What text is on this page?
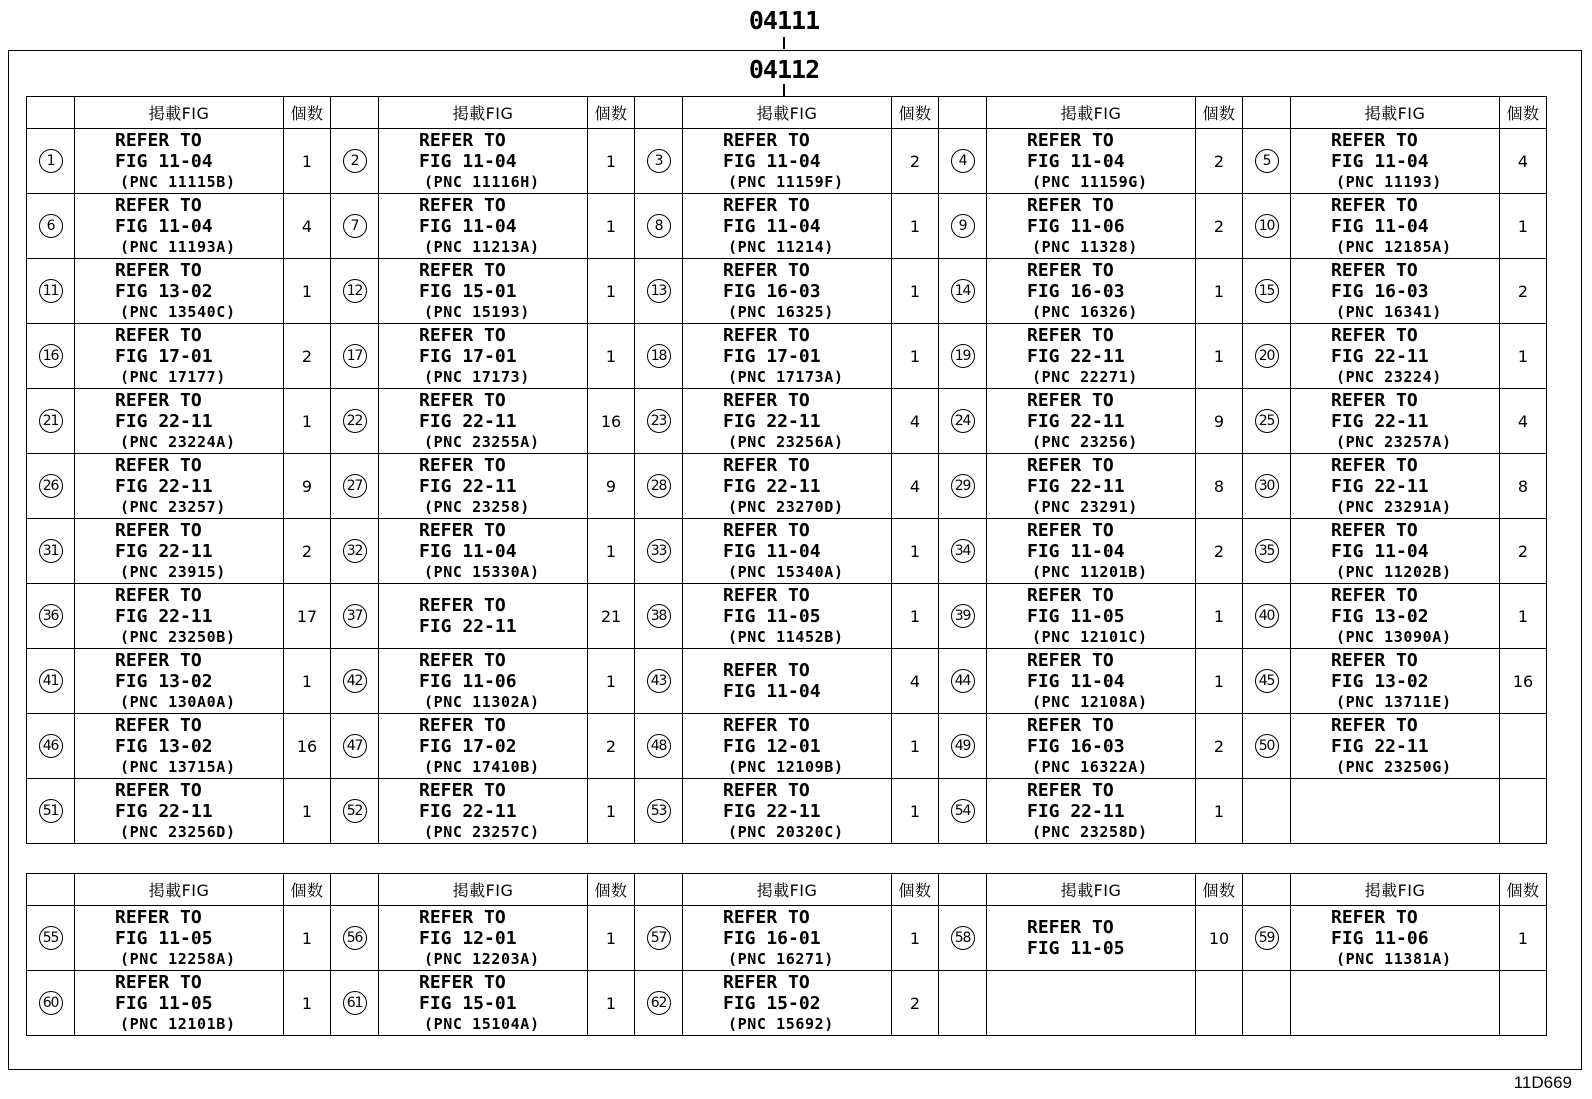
04111
04112
	掲載FIG	個数		掲載FIG	個数		掲載FIG	個数		掲載FIG	個数		掲載FIG	個数
1	REFER TO
FIG 11-04
(PNC 11115B)	1	2	REFER TO
FIG 11-04
(PNC 11116H)	1	3	REFER TO
FIG 11-04
(PNC 11159F)	2	4	REFER TO
FIG 11-04
(PNC 11159G)	2	5	REFER TO
FIG 11-04
(PNC 11193)	4
6	REFER TO
FIG 11-04
(PNC 11193A)	4	7	REFER TO
FIG 11-04
(PNC 11213A)	1	8	REFER TO
FIG 11-04
(PNC 11214)	1	9	REFER TO
FIG 11-06
(PNC 11328)	2	10	REFER TO
FIG 11-04
(PNC 12185A)	1
11	REFER TO
FIG 13-02
(PNC 13540C)	1	12	REFER TO
FIG 15-01
(PNC 15193)	1	13	REFER TO
FIG 16-03
(PNC 16325)	1	14	REFER TO
FIG 16-03
(PNC 16326)	1	15	REFER TO
FIG 16-03
(PNC 16341)	2
16	REFER TO
FIG 17-01
(PNC 17177)	2	17	REFER TO
FIG 17-01
(PNC 17173)	1	18	REFER TO
FIG 17-01
(PNC 17173A)	1	19	REFER TO
FIG 22-11
(PNC 22271)	1	20	REFER TO
FIG 22-11
(PNC 23224)	1
21	REFER TO
FIG 22-11
(PNC 23224A)	1	22	REFER TO
FIG 22-11
(PNC 23255A)	16	23	REFER TO
FIG 22-11
(PNC 23256A)	4	24	REFER TO
FIG 22-11
(PNC 23256)	9	25	REFER TO
FIG 22-11
(PNC 23257A)	4
26	REFER TO
FIG 22-11
(PNC 23257)	9	27	REFER TO
FIG 22-11
(PNC 23258)	9	28	REFER TO
FIG 22-11
(PNC 23270D)	4	29	REFER TO
FIG 22-11
(PNC 23291)	8	30	REFER TO
FIG 22-11
(PNC 23291A)	8
31	REFER TO
FIG 22-11
(PNC 23915)	2	32	REFER TO
FIG 11-04
(PNC 15330A)	1	33	REFER TO
FIG 11-04
(PNC 15340A)	1	34	REFER TO
FIG 11-04
(PNC 11201B)	2	35	REFER TO
FIG 11-04
(PNC 11202B)	2
36	REFER TO
FIG 22-11
(PNC 23250B)	17	37	REFER TO
FIG 22-11	21	38	REFER TO
FIG 11-05
(PNC 11452B)	1	39	REFER TO
FIG 11-05
(PNC 12101C)	1	40	REFER TO
FIG 13-02
(PNC 13090A)	1
41	REFER TO
FIG 13-02
(PNC 130A0A)	1	42	REFER TO
FIG 11-06
(PNC 11302A)	1	43	REFER TO
FIG 11-04	4	44	REFER TO
FIG 11-04
(PNC 12108A)	1	45	REFER TO
FIG 13-02
(PNC 13711E)	16
46	REFER TO
FIG 13-02
(PNC 13715A)	16	47	REFER TO
FIG 17-02
(PNC 17410B)	2	48	REFER TO
FIG 12-01
(PNC 12109B)	1	49	REFER TO
FIG 16-03
(PNC 16322A)	2	50	REFER TO
FIG 22-11
(PNC 23250G)	

51	REFER TO
FIG 22-11
(PNC 23256D)	1	52	REFER TO
FIG 22-11
(PNC 23257C)	1	53	REFER TO
FIG 22-11
(PNC 20320C)	1	54	REFER TO
FIG 22-11
(PNC 23258D)	1			
	掲載FIG	個数		掲載FIG	個数		掲載FIG	個数		掲載FIG	個数		掲載FIG	個数
55	REFER TO
FIG 11-05
(PNC 12258A)	1	56	REFER TO
FIG 12-01
(PNC 12203A)	1	57	REFER TO
FIG 16-01
(PNC 16271)	1	58	REFER TO
FIG 11-05	10	59	REFER TO
FIG 11-06
(PNC 11381A)	1
60	REFER TO
FIG 11-05
(PNC 12101B)	1	61	REFER TO
FIG 15-01
(PNC 15104A)	1	62	REFER TO
FIG 15-02
(PNC 15692)	2						
11D669
